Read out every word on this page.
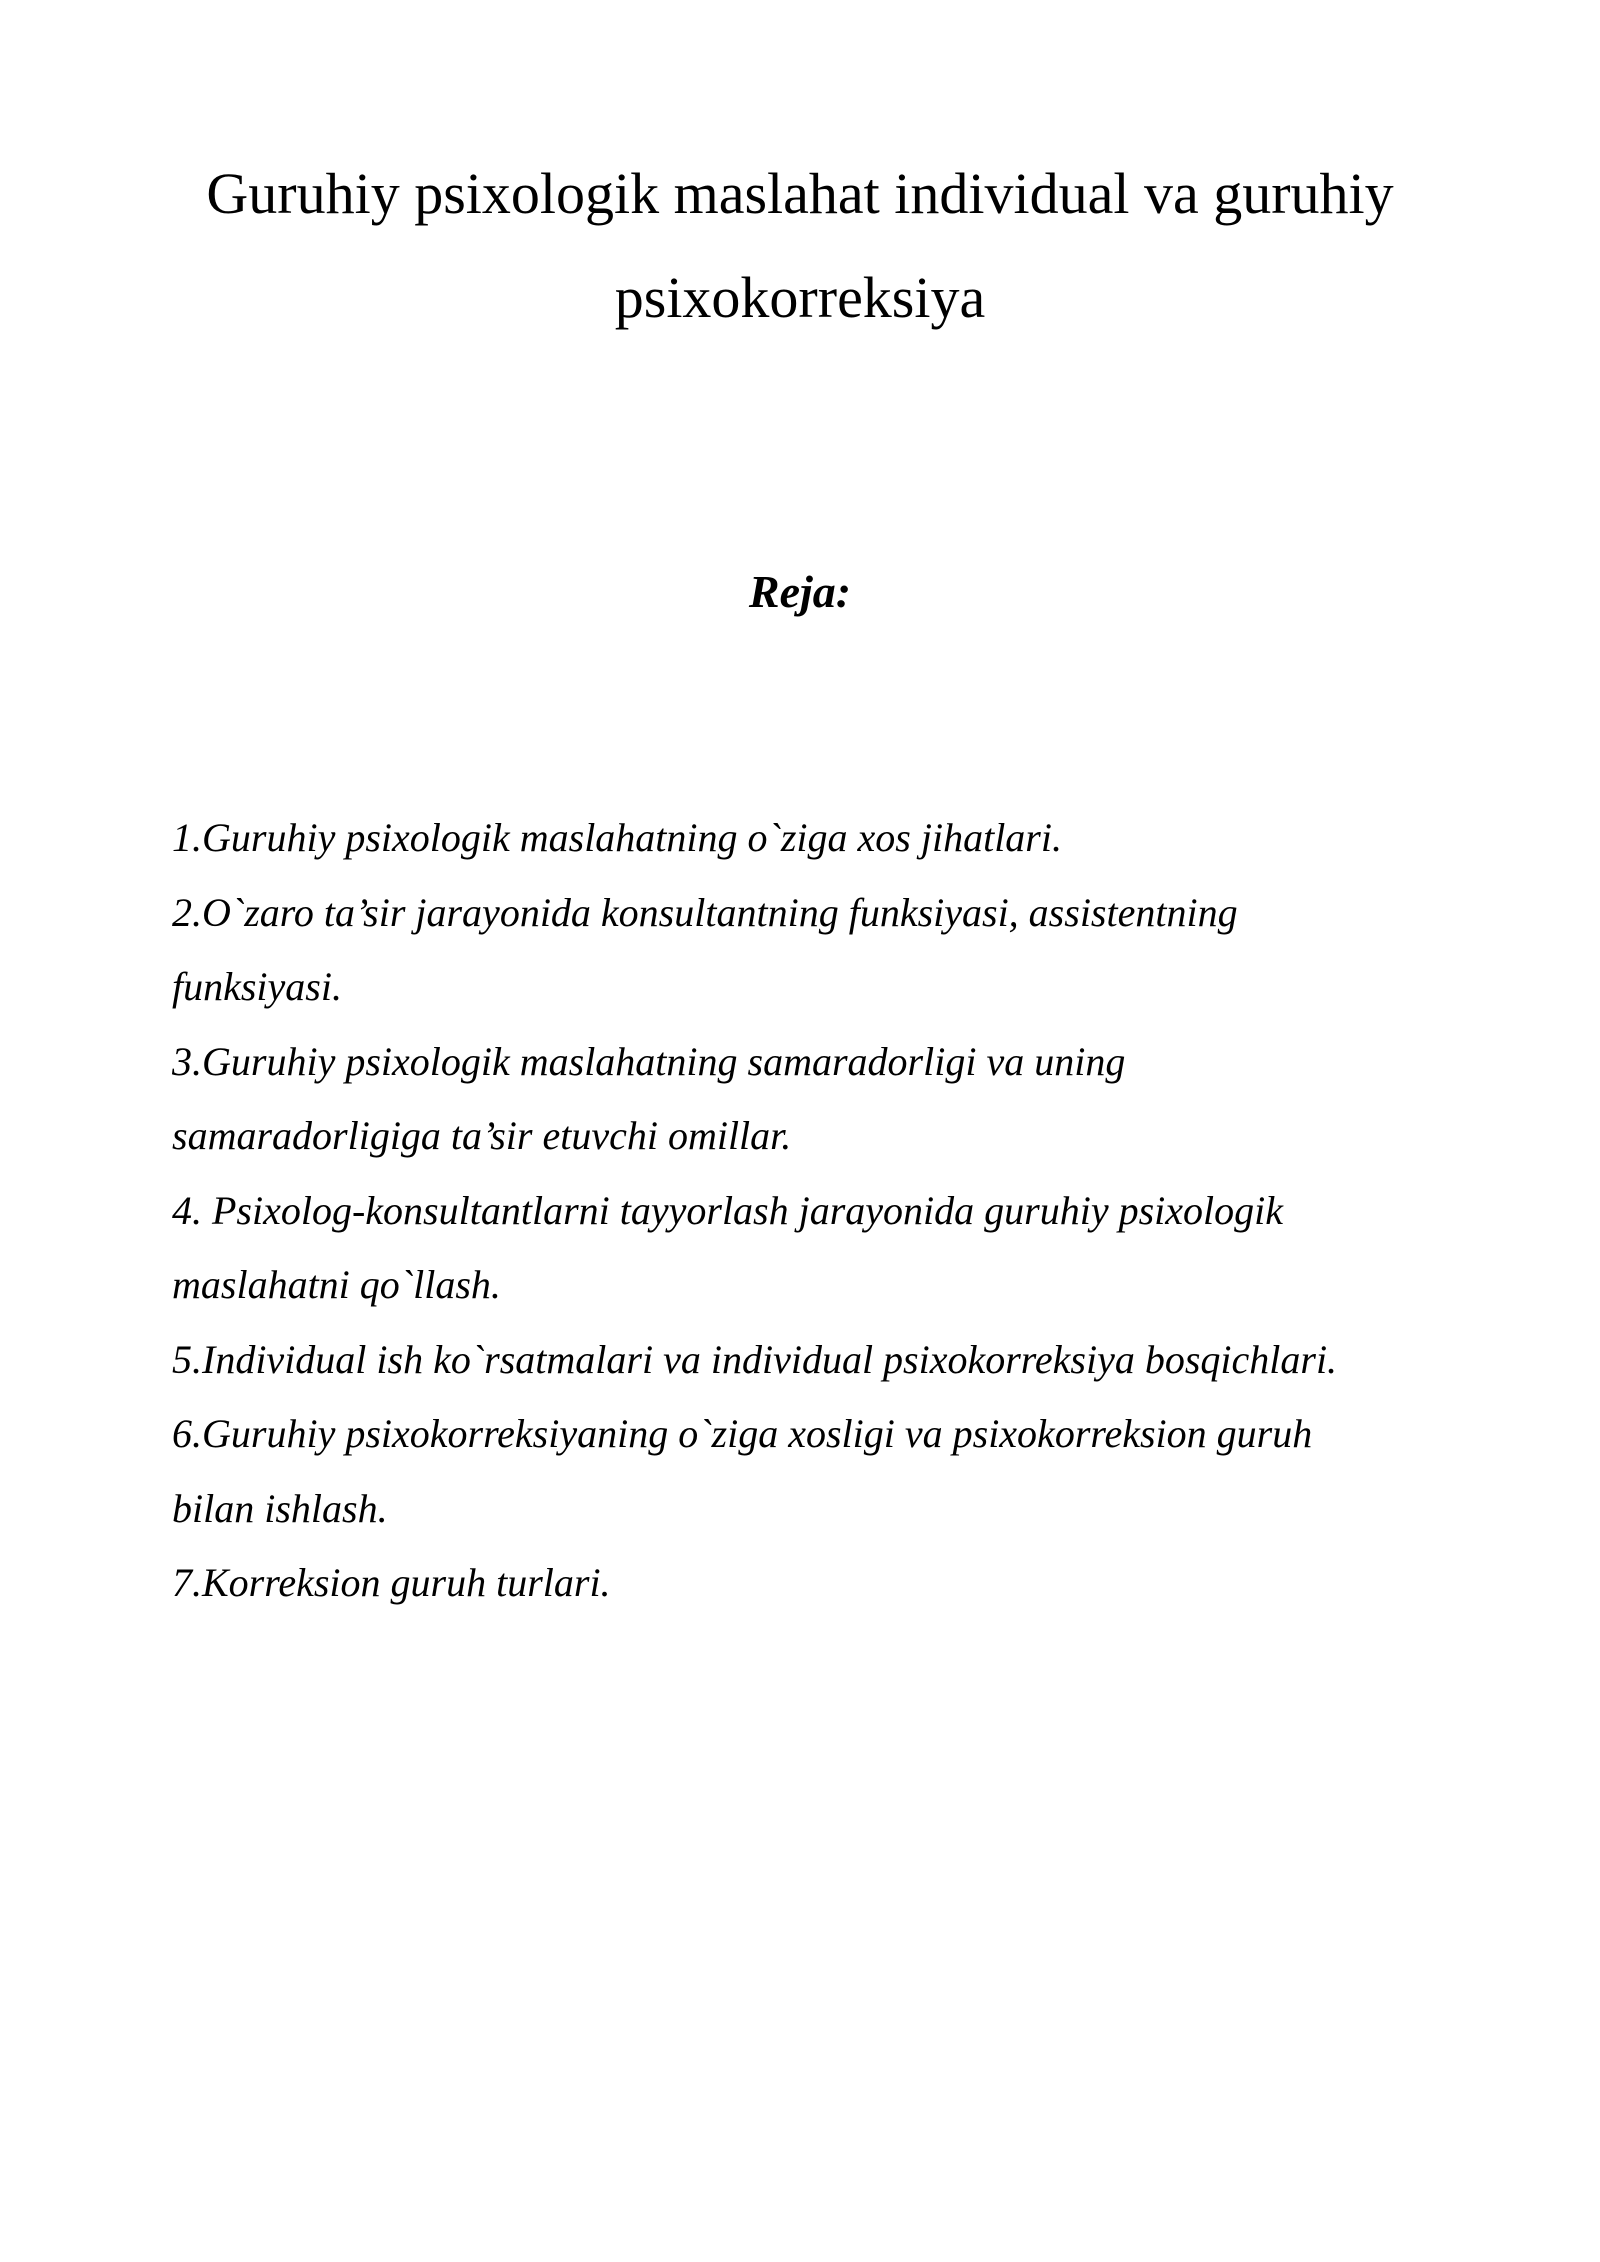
Guruhiy psixologik maslahat individual va guruhiy psixokorreksiya
Reja:
1.Guruhiy psixologik maslahatning o`ziga xos jihatlari.
2.O`zaro ta’sir jarayonida konsultantning funksiyasi, assistentning
funksiyasi.
3.Guruhiy psixologik maslahatning samaradorligi va uning
samaradorligiga ta’sir etuvchi omillar.
4. Psixolog-konsultantlarni tayyorlash jarayonida guruhiy psixologik
maslahatni qo`llash.
5.Individual ish ko`rsatmalari va individual psixokorreksiya bosqichlari.
6.Guruhiy psixokorreksiyaning o`ziga xosligi va psixokorreksion guruh
bilan ishlash.
7.Korreksion guruh turlari.
